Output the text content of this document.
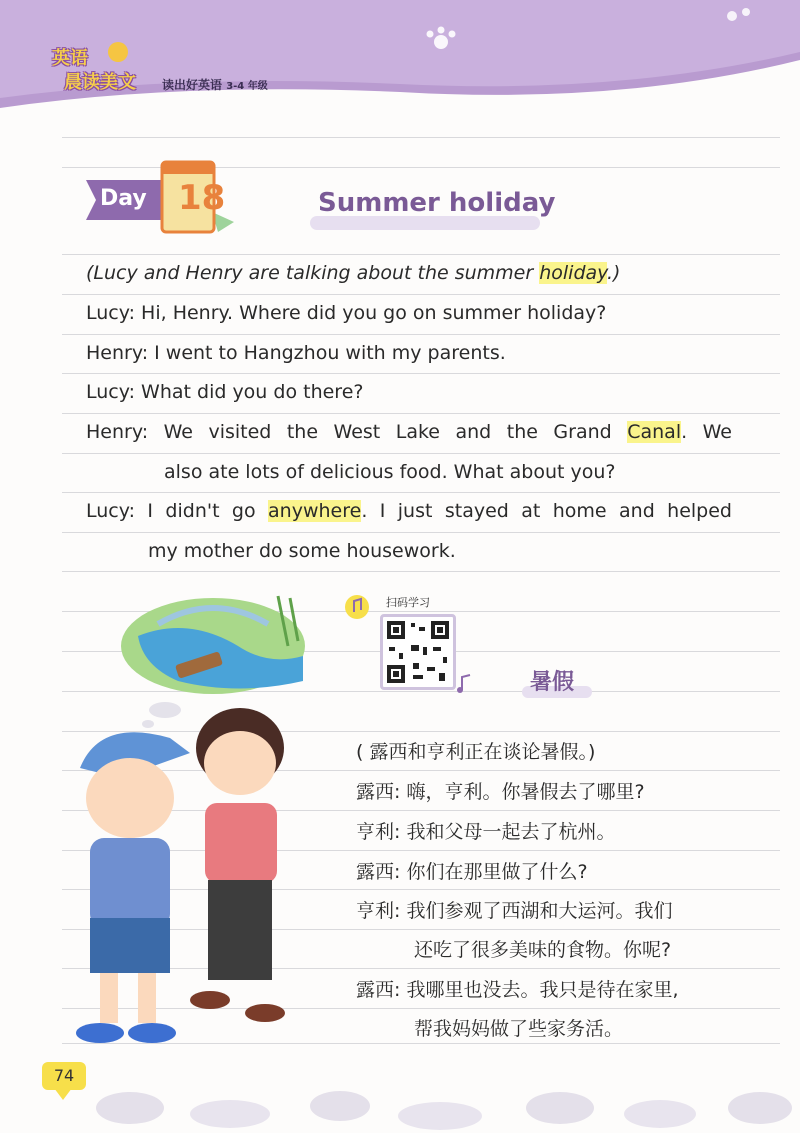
英语
晨读美文 读出好英语 3-4 年级
Day 18	Summer holiday
(Lucy and Henry are talking about the summer holiday.)
Lucy: Hi, Henry. Where did you go on summer holiday?
Henry: I went to Hangzhou with my parents.
Lucy: What did you do there?
Henry: We visited the West Lake and the Grand Canal. We
also ate lots of delicious food. What about you?
Lucy: I didn't go anywhere. I just stayed at home and helped
my mother do some housework.
扫码学习
暑假
( 露西和亨利正在谈论暑假。)
露西: 嗨，亨利。你暑假去了哪里?
亨利: 我和父母一起去了杭州。
露西: 你们在那里做了什么?
亨利: 我们参观了西湖和大运河。我们
还吃了很多美味的食物。你呢?
露西: 我哪里也没去。我只是待在家里,
帮我妈妈做了些家务活。
74
